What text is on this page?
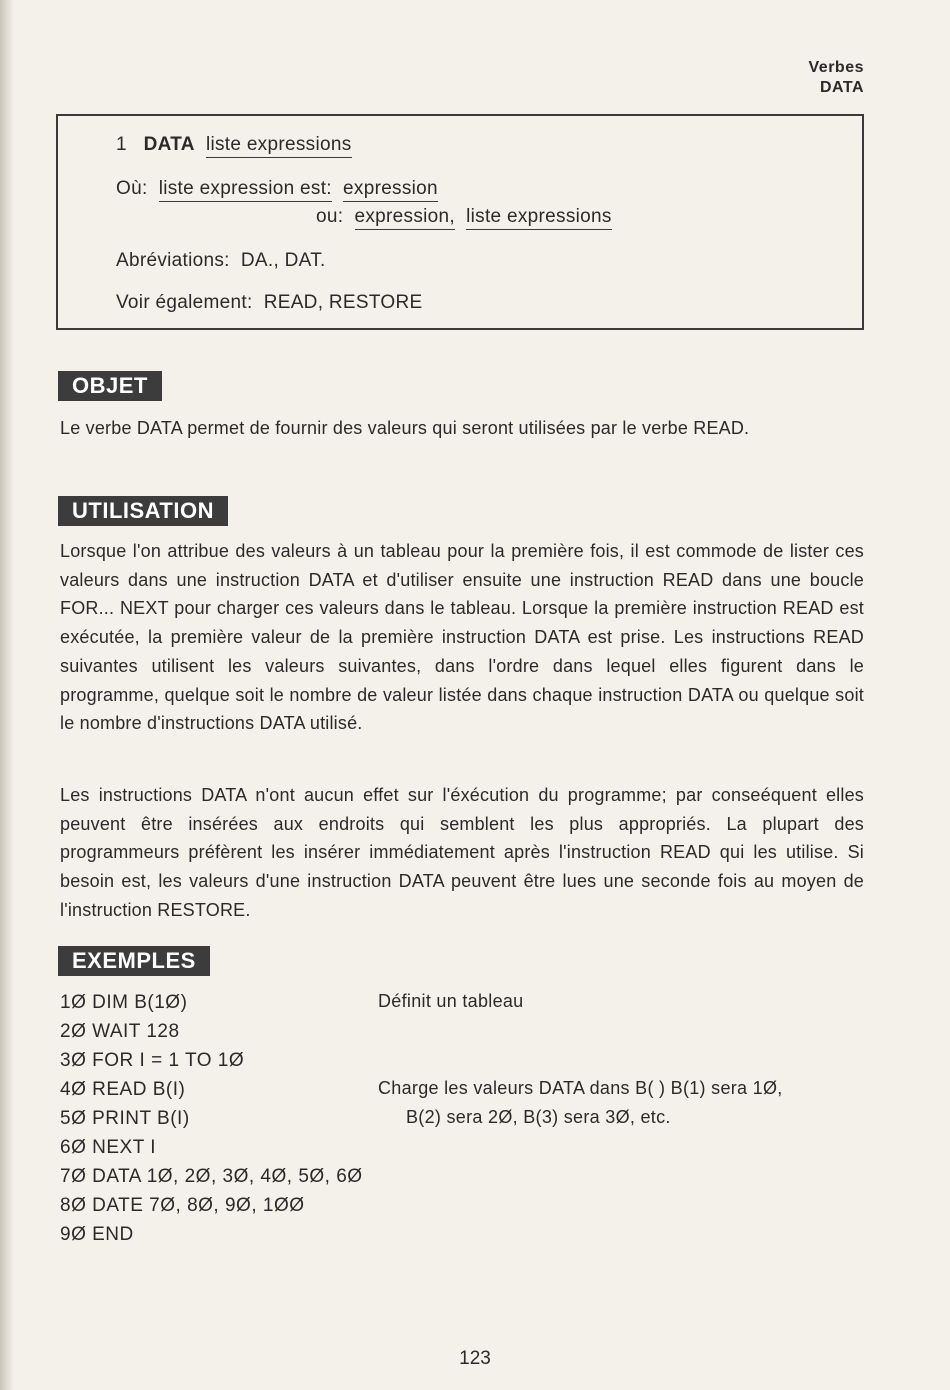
Verbes
DATA
1 DATA liste expressions
Où: liste expression est: expression
ou: expression, liste expressions
Abréviations: DA., DAT.
Voir également: READ, RESTORE
OBJET
Le verbe DATA permet de fournir des valeurs qui seront utilisées par le verbe READ.
UTILISATION
Lorsque l'on attribue des valeurs à un tableau pour la première fois, il est commode de lister ces valeurs dans une instruction DATA et d'utiliser ensuite une instruction READ dans une boucle FOR... NEXT pour charger ces valeurs dans le tableau. Lorsque la première instruction READ est exécutée, la première valeur de la première instruction DATA est prise. Les instructions READ suivantes utilisent les valeurs suivantes, dans l'ordre dans lequel elles figurent dans le programme, quelque soit le nombre de valeur listée dans chaque instruction DATA ou quelque soit le nombre d'instructions DATA utilisé.
Les instructions DATA n'ont aucun effet sur l'éxécution du programme; par conseéquent elles peuvent être insérées aux endroits qui semblent les plus appropriés. La plupart des programmeurs préfèrent les insérer immédiatement après l'instruction READ qui les utilise. Si besoin est, les valeurs d'une instruction DATA peuvent être lues une seconde fois au moyen de l'instruction RESTORE.
EXEMPLES
1Ø DIM B(1Ø)
2Ø WAIT 128
3Ø FOR I = 1 TO 1Ø
4Ø READ B(I)
5Ø PRINT B(I)
6Ø NEXT I
7Ø DATA 1Ø, 2Ø, 3Ø, 4Ø, 5Ø, 6Ø
8Ø DATE 7Ø, 8Ø, 9Ø, 1ØØ
9Ø END
Définit un tableau
Charge les valeurs DATA dans B( ) B(1) sera 1Ø,
B(2) sera 2Ø, B(3) sera 3Ø, etc.
123
